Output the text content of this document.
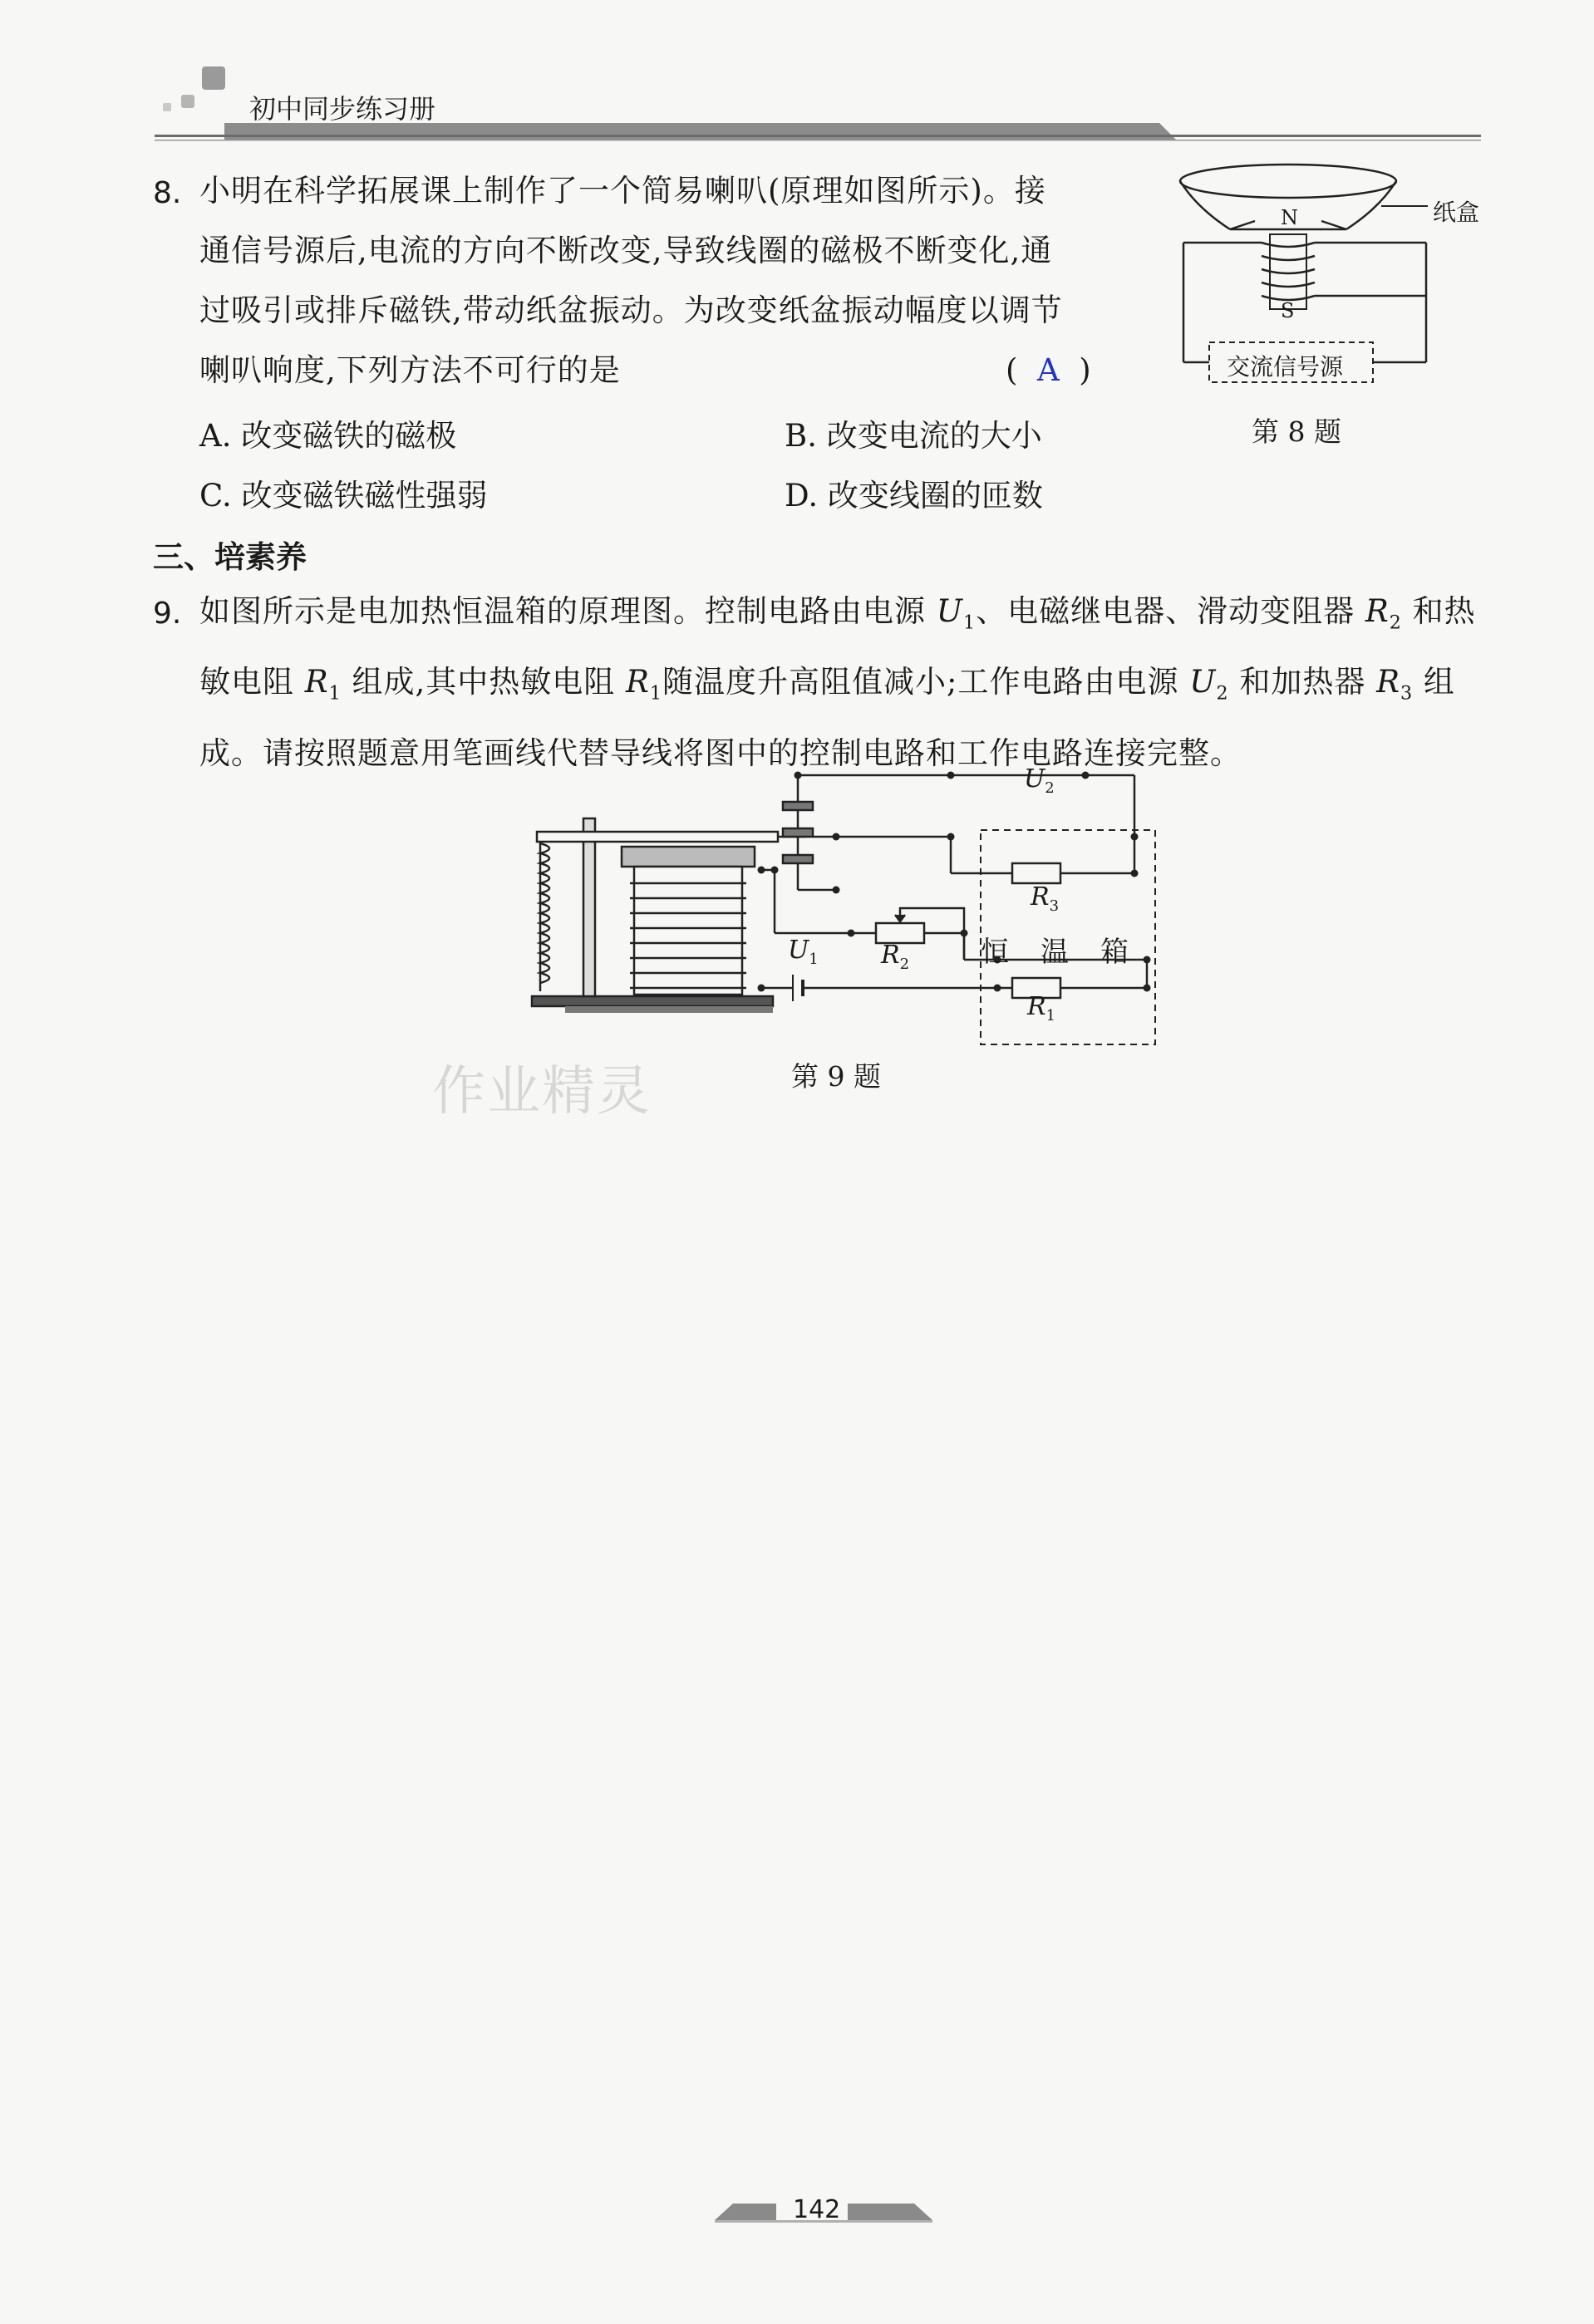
初中同步练习册
8. 小明在科学拓展课上制作了一个简易喇叭(原理如图所示)。接
通信号源后,电流的方向不断改变,导致线圈的磁极不断变化,通
过吸引或排斥磁铁,带动纸盆振动。为改变纸盆振动幅度以调节
喇叭响度,下列方法不可行的是	(  A  )
A. 改变磁铁的磁极	B. 改变电流的大小
C. 改变磁铁磁性强弱	D. 改变线圈的匝数
N
S
纸盒
交流信号源
第 8 题
三、培素养
9. 如图所示是电加热恒温箱的原理图。控制电路由电源 $U_1$、电磁继电器、滑动变阻器 $R_2$ 和热
敏电阻 $R_1$ 组成,其中热敏电阻 $R_1$随温度升高阻值减小;工作电路由电源 $U_2$ 和加热器 $R_3$ 组
成。请按照题意用笔画线代替导线将图中的控制电路和工作电路连接完整。
$U_2$
$R_3$
$R_2$
$U_1$
$R_1$
恒温箱
第 9 题
作业精灵
142
